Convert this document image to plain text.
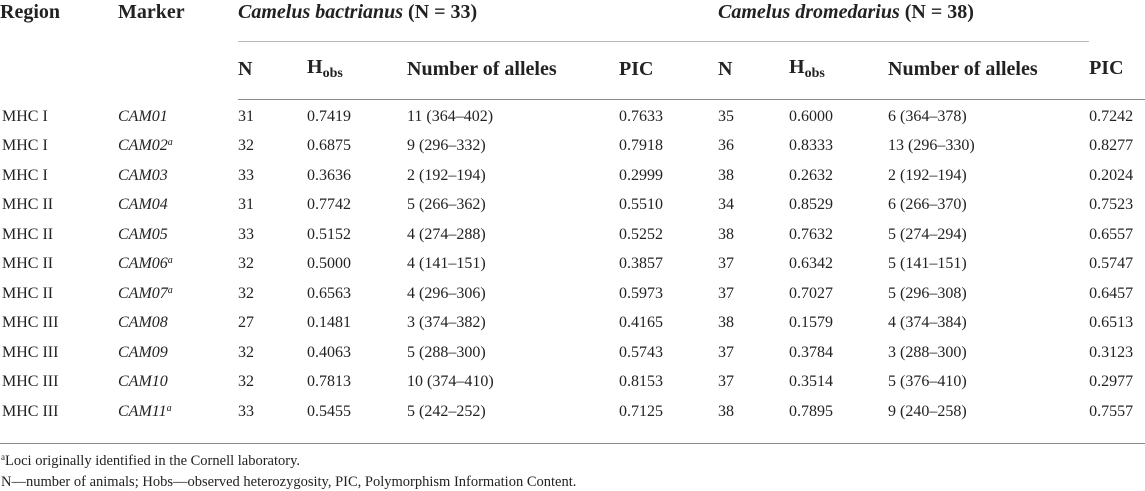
Region	Marker	Camelus bactrianus (N = 33)				Camelus dromedarius (N = 38)			
		N	$H_{obs}$	Number of alleles	PIC	N	$H_{obs}$	Number of alleles	PIC
MHC I	CAM01	31	0.7419	11 (364–402)	0.7633	35	0.6000	6 (364–378)	0.7242
MHC I	CAM02$^a$	32	0.6875	9 (296–332)	0.7918	36	0.8333	13 (296–330)	0.8277
MHC I	CAM03	33	0.3636	2 (192–194)	0.2999	38	0.2632	2 (192–194)	0.2024
MHC II	CAM04	31	0.7742	5 (266–362)	0.5510	34	0.8529	6 (266–370)	0.7523
MHC II	CAM05	33	0.5152	4 (274–288)	0.5252	38	0.7632	5 (274–294)	0.6557
MHC II	CAM06$^a$	32	0.5000	4 (141–151)	0.3857	37	0.6342	5 (141–151)	0.5747
MHC II	CAM07$^a$	32	0.6563	4 (296–306)	0.5973	37	0.7027	5 (296–308)	0.6457
MHC III	CAM08	27	0.1481	3 (374–382)	0.4165	38	0.1579	4 (374–384)	0.6513
MHC III	CAM09	32	0.4063	5 (288–300)	0.5743	37	0.3784	3 (288–300)	0.3123
MHC III	CAM10	32	0.7813	10 (374–410)	0.8153	37	0.3514	5 (376–410)	0.2977
MHC III	CAM11$^a$	33	0.5455	5 (242–252)	0.7125	38	0.7895	9 (240–258)	0.7557
$^a$Loci originally identified in the Cornell laboratory.
N—number of animals; Hobs—observed heterozygosity, PIC, Polymorphism Information Content.
